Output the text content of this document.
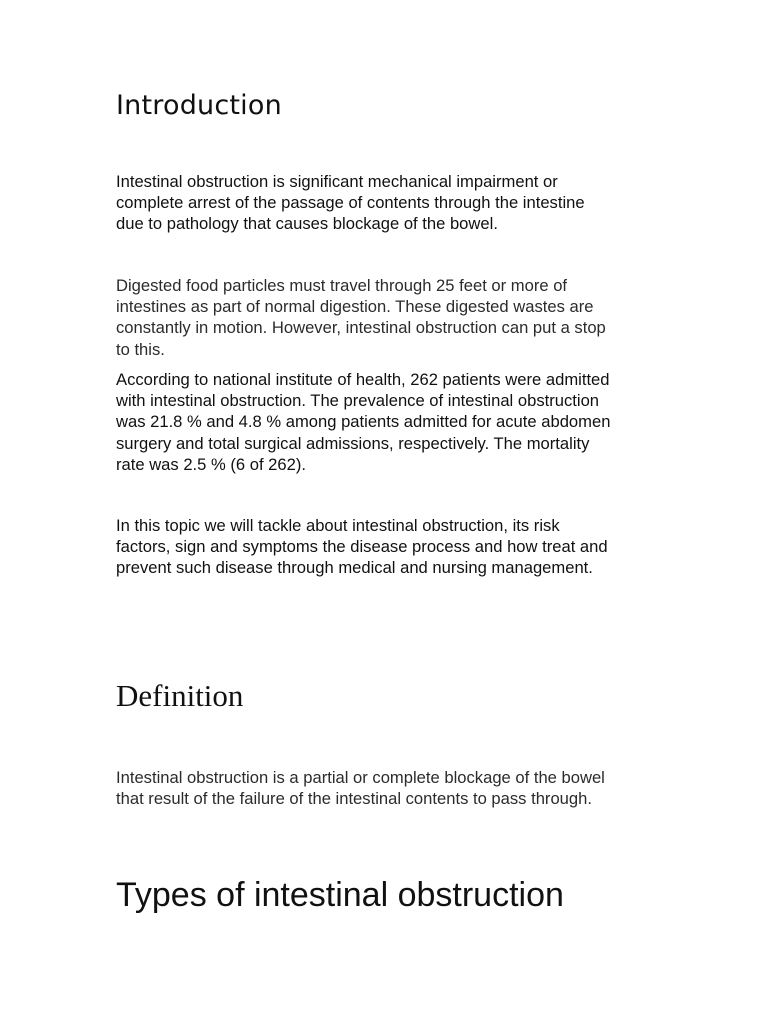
Introduction

Intestinal obstruction is significant mechanical impairment or
complete arrest of the passage of contents through the intestine
due to pathology that causes blockage of the bowel.

Digested food particles must travel through 25 feet or more of
intestines as part of normal digestion. These digested wastes are
constantly in motion. However, intestinal obstruction can put a stop
to this.

According to national institute of health, 262 patients were admitted
with intestinal obstruction. The prevalence of intestinal obstruction
was 21.8 % and 4.8 % among patients admitted for acute abdomen
surgery and total surgical admissions, respectively. The mortality
rate was 2.5 % (6 of 262).

In this topic we will tackle about intestinal obstruction, its risk
factors, sign and symptoms the disease process and how treat and
prevent such disease through medical and nursing management.

Definition

Intestinal obstruction is a partial or complete blockage of the bowel
that result of the failure of the intestinal contents to pass through.

Types of intestinal obstruction
